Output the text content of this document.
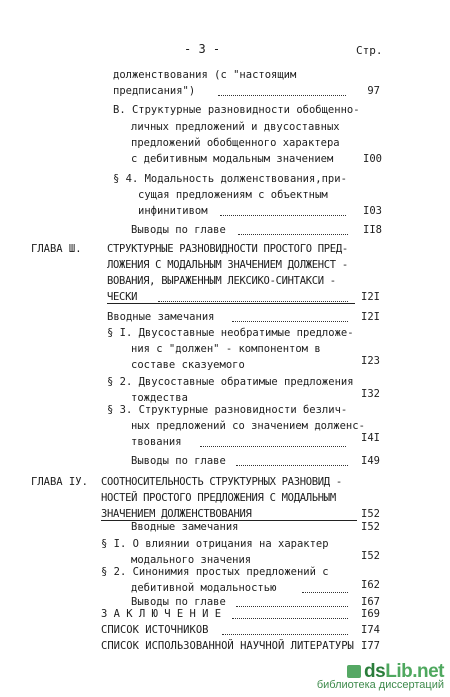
- 3 -	Стр.
долженствования (с "настоящим
предписания")	97
В. Структурные разновидности обобщенно-
личных предложений и двусоставных
предложений обобщенного характера
с дебитивным модальным значением	I00
§ 4. Модальность долженствования,при-
сущая предложениям с объектным
инфинитивом	I03
Выводы по главе	II8
ГЛАВА Ш. СТРУКТУРНЫЕ РАЗНОВИДНОСТИ ПРОСТОГО ПРЕД-
ЛОЖЕНИЯ С МОДАЛЬНЫМ ЗНАЧЕНИЕМ ДОЛЖЕНСТ -
ВОВАНИЯ, ВЫРАЖЕННЫМ ЛЕКСИКО-СИНТАКСИ -
ЧЕСКИ	I2I
Вводные замечания	I2I
§ I. Двусоставные необратимые предложе-
ния с "должен" - компонентом в
составе сказуемого	I23
§ 2. Двусоставные обратимые предложения
тождества	I32
§ 3. Структурные разновидности безлич-
ных предложений со значением долженс-
твования	I4I
Выводы по главе	I49
ГЛАВА IУ. СООТНОСИТЕЛЬНОСТЬ СТРУКТУРНЫХ РАЗНОВИД -
НОСТЕЙ ПРОСТОГО ПРЕДЛОЖЕНИЯ С МОДАЛЬНЫМ
ЗНАЧЕНИЕМ ДОЛЖЕНСТВОВАНИЯ	I52
Вводные замечания	I52
§ I. О влиянии отрицания на характер
модального значения	I52
§ 2. Синонимия простых предложений с
дебитивной модальностью	I62
Выводы по главе	I67
З А К Л Ю Ч Е Н И Е	I69
СПИСОК ИСТОЧНИКОВ	I74
СПИСОК ИСПОЛЬЗОВАННОЙ НАУЧНОЙ ЛИТЕРАТУРЫ I77
dsLib.net
библиотека диссертаций
